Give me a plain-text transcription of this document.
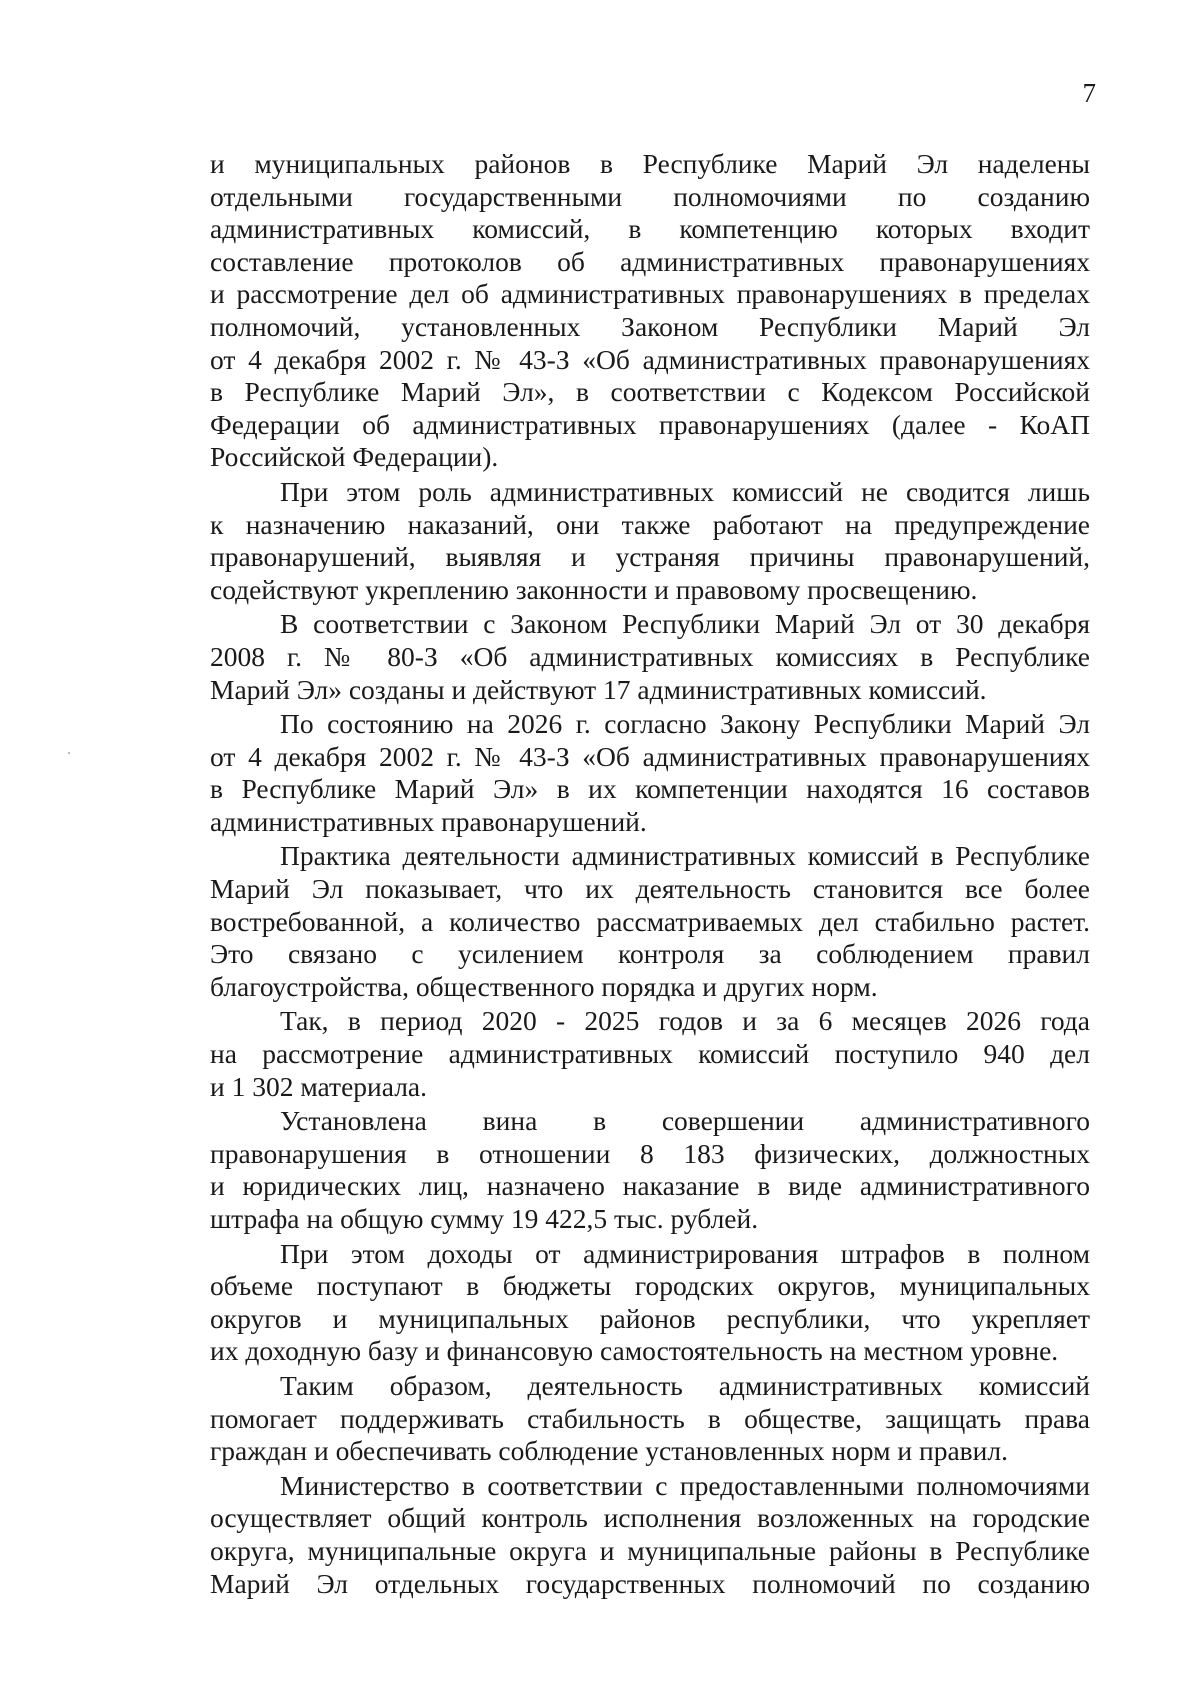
7
и муниципальных районов в Республике Марий Эл наделены
отдельными государственными полномочиями по созданию
административных комиссий, в компетенцию которых входит
составление протоколов об административных правонарушениях
и рассмотрение дел об административных правонарушениях в пределах
полномочий, установленных Законом Республики Марий Эл
от 4 декабря 2002 г. № 43-З «Об административных правонарушениях
в Республике Марий Эл», в соответствии с Кодексом Российской
Федерации об административных правонарушениях (далее - КоАП
Российской Федерации).
При этом роль административных комиссий не сводится лишь
к назначению наказаний, они также работают на предупреждение
правонарушений, выявляя и устраняя причины правонарушений,
содействуют укреплению законности и правовому просвещению.
В соответствии с Законом Республики Марий Эл от 30 декабря
2008 г. № 80-З «Об административных комиссиях в Республике
Марий Эл» созданы и действуют 17 административных комиссий.
По состоянию на 2026 г. согласно Закону Республики Марий Эл
от 4 декабря 2002 г. № 43-З «Об административных правонарушениях
в Республике Марий Эл» в их компетенции находятся 16 составов
административных правонарушений.
Практика деятельности административных комиссий в Республике
Марий Эл показывает, что их деятельность становится все более
востребованной, а количество рассматриваемых дел стабильно растет.
Это связано с усилением контроля за соблюдением правил
благоустройства, общественного порядка и других норм.
Так, в период 2020 - 2025 годов и за 6 месяцев 2026 года
на рассмотрение административных комиссий поступило 940 дел
и 1 302 материала.
Установлена вина в совершении административного
правонарушения в отношении 8 183 физических, должностных
и юридических лиц, назначено наказание в виде административного
штрафа на общую сумму 19 422,5 тыс. рублей.
При этом доходы от администрирования штрафов в полном
объеме поступают в бюджеты городских округов, муниципальных
округов и муниципальных районов республики, что укрепляет
их доходную базу и финансовую самостоятельность на местном уровне.
Таким образом, деятельность административных комиссий
помогает поддерживать стабильность в обществе, защищать права
граждан и обеспечивать соблюдение установленных норм и правил.
Министерство в соответствии с предоставленными полномочиями
осуществляет общий контроль исполнения возложенных на городские
округа, муниципальные округа и муниципальные районы в Республике
Марий Эл отдельных государственных полномочий по созданию
